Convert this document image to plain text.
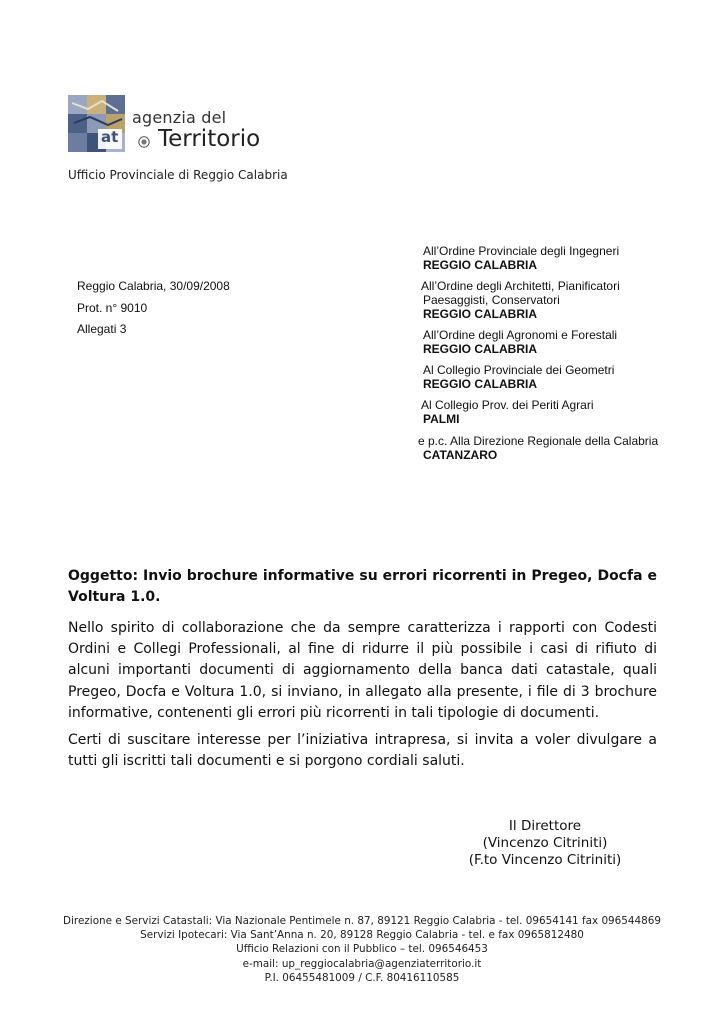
at
agenzia del
Territorio
Ufficio Provinciale di Reggio Calabria
Reggio Calabria, 30/09/2008
Prot. n° 9010
Allegati 3
All’Ordine Provinciale degli Ingegneri
REGGIO CALABRIA
All’Ordine degli Architetti, Pianificatori
Paesaggisti, Conservatori
REGGIO CALABRIA
All’Ordine degli Agronomi e Forestali
REGGIO CALABRIA
Al Collegio Provinciale dei Geometri
REGGIO CALABRIA
Al Collegio Prov. dei Periti Agrari
PALMI
e p.c. Alla Direzione Regionale della Calabria
CATANZARO
Oggetto: Invio brochure informative su errori ricorrenti in Pregeo, Docfa e Voltura 1.0.
Nello spirito di collaborazione che da sempre caratterizza i rapporti con Codesti Ordini e Collegi Professionali, al fine di ridurre il più possibile i casi di rifiuto di alcuni importanti documenti di aggiornamento della banca dati catastale, quali Pregeo, Docfa e Voltura 1.0, si inviano, in allegato alla presente, i file di 3 brochure informative, contenenti gli errori più ricorrenti in tali tipologie di documenti.
Certi di suscitare interesse per l’iniziativa intrapresa, si invita a voler divulgare a tutti gli iscritti tali documenti e si porgono cordiali saluti.
Il Direttore
(Vincenzo Citriniti)
(F.to Vincenzo Citriniti)
Direzione e Servizi Catastali: Via Nazionale Pentimele n. 87, 89121 Reggio Calabria - tel. 09654141 fax 096544869
Servizi Ipotecari: Via Sant’Anna n. 20, 89128 Reggio Calabria - tel. e fax 0965812480
Ufficio Relazioni con il Pubblico – tel. 096546453
e-mail: up_reggiocalabria@agenziaterritorio.it
P.I. 06455481009 / C.F. 80416110585
